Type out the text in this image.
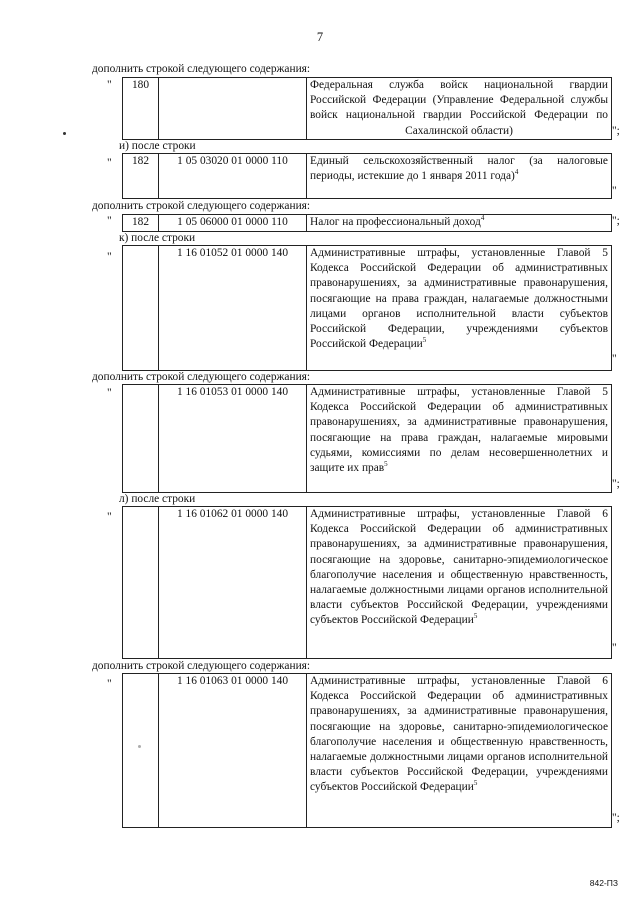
7
дополнить строкой следующего содержания:
" 180		Федеральная служба войск национальной гвардии Российской Федерации (Управление Федеральной службы войск национальной гвардии Российской Федерации по Сахалинской области)	";
и) после строки
" 182	1 05 03020 01 0000 110	Единый сельскохозяйственный налог (за налоговые периоды, истекшие до 1 января 2011 года)$^4$
"
дополнить строкой следующего содержания:
" 182	1 05 06000 01 0000 110	Налог на профессиональный доход$^4$	";
к) после строки
"
		1 16 01052 01 0000 140	Административные штрафы, установленные Главой 5 Кодекса Российской Федерации об административных правонарушениях, за административные правонарушения, посягающие на права граждан, налагаемые должностными лицами органов исполнительной власти субъектов Российской Федерации, учреждениями субъектов Российской Федерации$^5$
"
дополнить строкой следующего содержания:
"
		1 16 01053 01 0000 140	Административные штрафы, установленные Главой 5 Кодекса Российской Федерации об административных правонарушениях, за административные правонарушения, посягающие на права граждан, налагаемые мировыми судьями, комиссиями по делам несовершеннолетних и защите их прав$^5$
";
л) после строки
"
		1 16 01062 01 0000 140	Административные штрафы, установленные Главой 6 Кодекса Российской Федерации об административных правонарушениях, за административные правонарушения, посягающие на здоровье, санитарно-эпидемиологическое благополучие населения и общественную нравственность, налагаемые должностными лицами органов исполнительной власти субъектов Российской Федерации, учреждениями субъектов Российской Федерации$^5$
"
дополнить строкой следующего содержания:
"
		1 16 01063 01 0000 140	Административные штрафы, установленные Главой 6 Кодекса Российской Федерации об административных правонарушениях, за административные правонарушения, посягающие на здоровье, санитарно-эпидемиологическое благополучие населения и общественную нравственность, налагаемые должностными лицами органов исполнительной власти субъектов Российской Федерации, учреждениями субъектов Российской Федерации$^5$
";
842-ПЗ
